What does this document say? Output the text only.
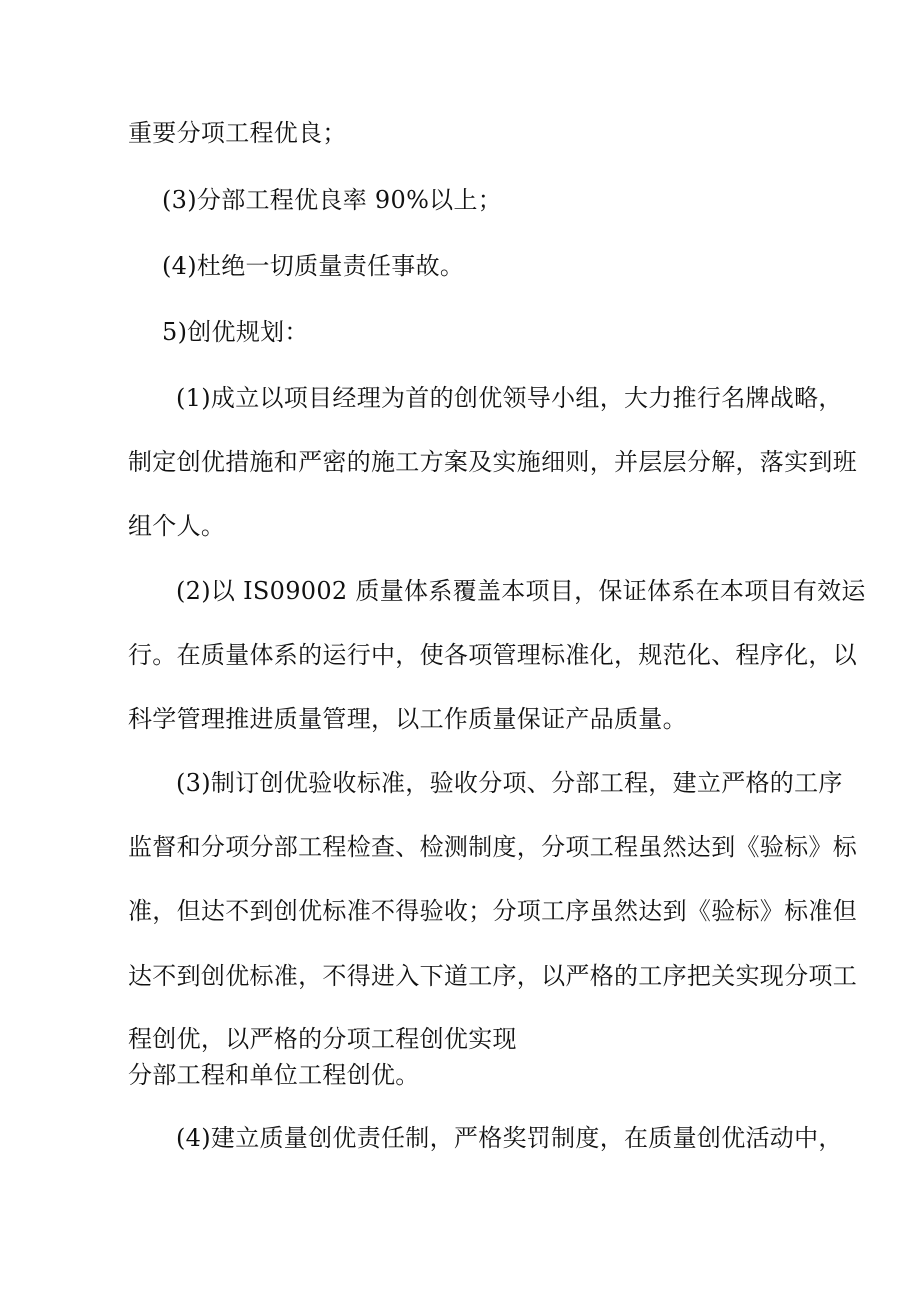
重要分项工程优良；
(3)分部工程优良率 90%以上；
(4)杜绝一切质量责任事故。
5)创优规划：
(1)成立以项目经理为首的创优领导小组，大力推行名牌战略，
制定创优措施和严密的施工方案及实施细则，并层层分解，落实到班
组个人。
(2)以 IS09002 质量体系覆盖本项目，保证体系在本项目有效运
行。在质量体系的运行中，使各项管理标准化，规范化、程序化，以
科学管理推进质量管理，以工作质量保证产品质量。
(3)制订创优验收标准，验收分项、分部工程，建立严格的工序
监督和分项分部工程检查、检测制度，分项工程虽然达到《验标》标
准，但达不到创优标准不得验收；分项工序虽然达到《验标》标准但
达不到创优标准，不得进入下道工序，以严格的工序把关实现分项工
程创优，以严格的分项工程创优实现
分部工程和单位工程创优。
(4)建立质量创优责任制，严格奖罚制度，在质量创优活动中，
